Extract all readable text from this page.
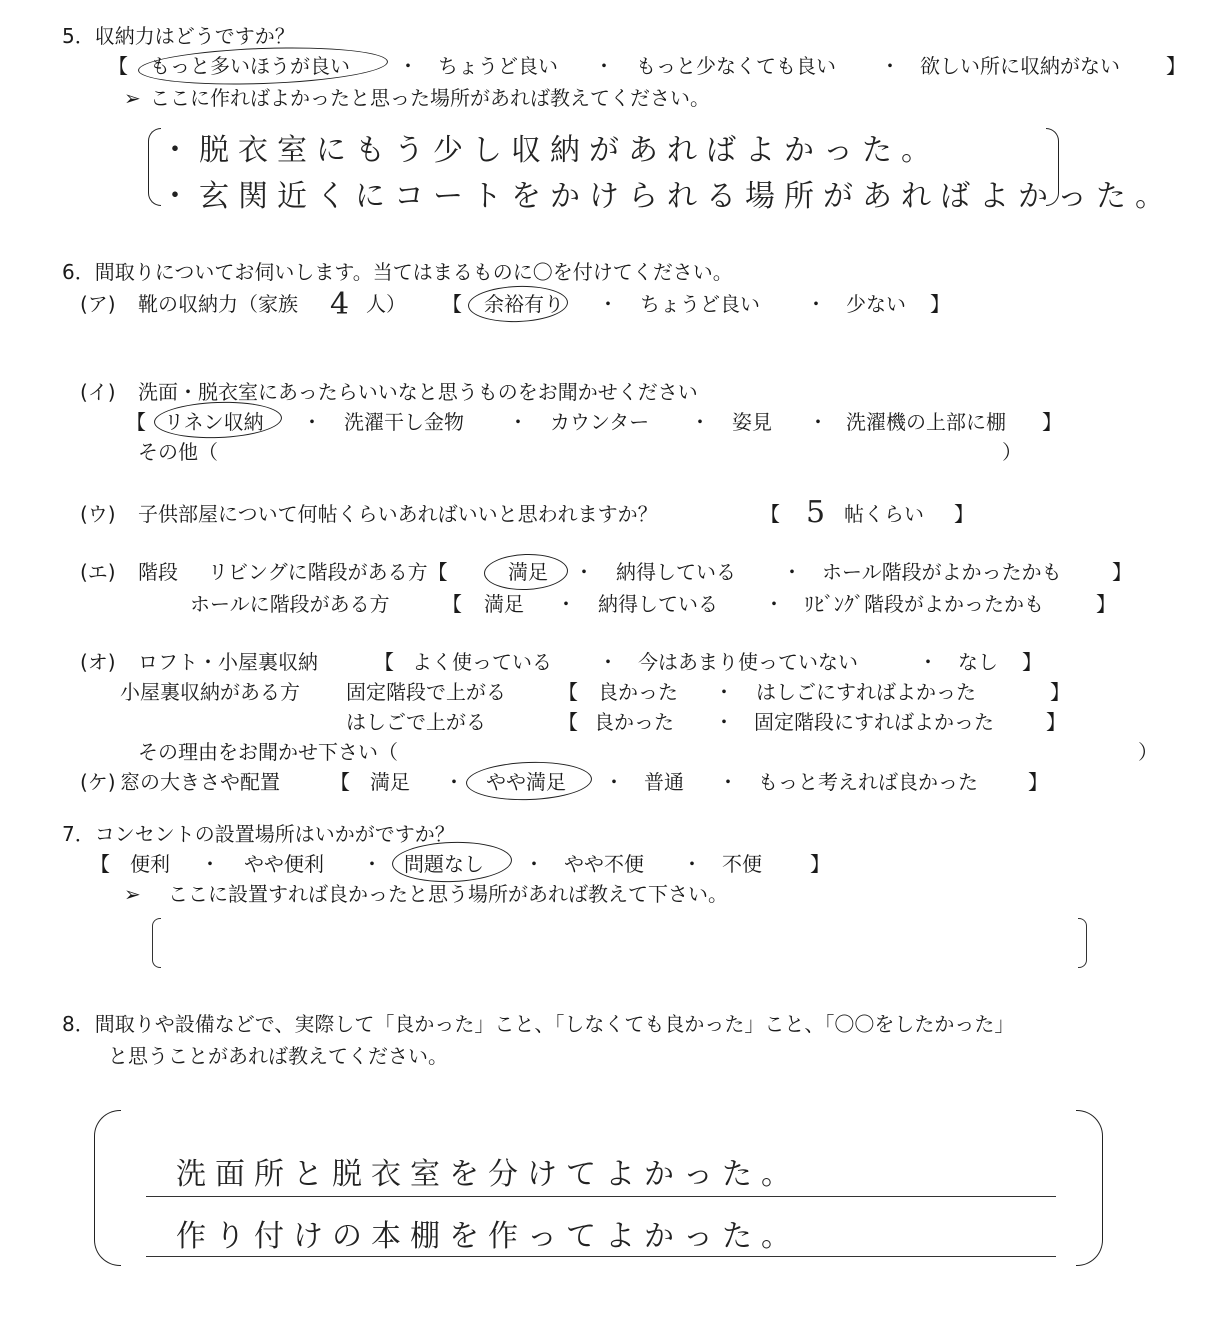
5．収納力はどうですか？
【 もっと多いほうが良い ・ ちょうど良い ・ もっと少なくても良い ・ 欲しい所に収納がない 】
➢ ここに作ればよかったと思った場所があれば教えてください。
・脱衣室にもう少し収納があればよかった。
・玄関近くにコートをかけられる場所があればよかった。
6．間取りについてお伺いします。当てはまるものに〇を付けてください。
(ア) 靴の収納力（家族 4 人） 【 余裕有り ・ ちょうど良い ・ 少ない 】
(イ) 洗面・脱衣室にあったらいいなと思うものをお聞かせください
【 リネン収納 ・ 洗濯干し金物 ・ カウンター ・ 姿見 ・ 洗濯機の上部に棚 】
その他（	）
(ウ) 子供部屋について何帖くらいあればいいと思われますか？	【 5 帖くらい 】
(エ) 階段 リビングに階段がある方【	満足 ・ 納得している ・ ホール階段がよかったかも	】
ホールに階段がある方	【 満足 ・ 納得している ・ ﾘﾋﾞﾝｸﾞ階段がよかったかも	】
(オ) ロフト・小屋裏収納	【 よく使っている ・ 今はあまり使っていない	・ なし 】
小屋裏収納がある方 固定階段で上がる	【 良かった ・ はしごにすればよかった	】
はしごで上がる	【 良かった ・ 固定階段にすればよかった	】
その理由をお聞かせ下さい（	）
(ケ) 窓の大きさや配置	【 満足 ・ やや満足 ・ 普通 ・ もっと考えれば良かった	】
7．コンセントの設置場所はいかがですか？
【 便利 ・ やや便利 ・ 問題なし ・ やや不便 ・ 不便 】
➢ ここに設置すれば良かったと思う場所があれば教えて下さい。
8．間取りや設備などで、実際して「良かった」こと、「しなくても良かった」こと、「〇〇をしたかった」
と思うことがあれば教えてください。
洗面所と脱衣室を分けてよかった。
作り付けの本棚を作ってよかった。
